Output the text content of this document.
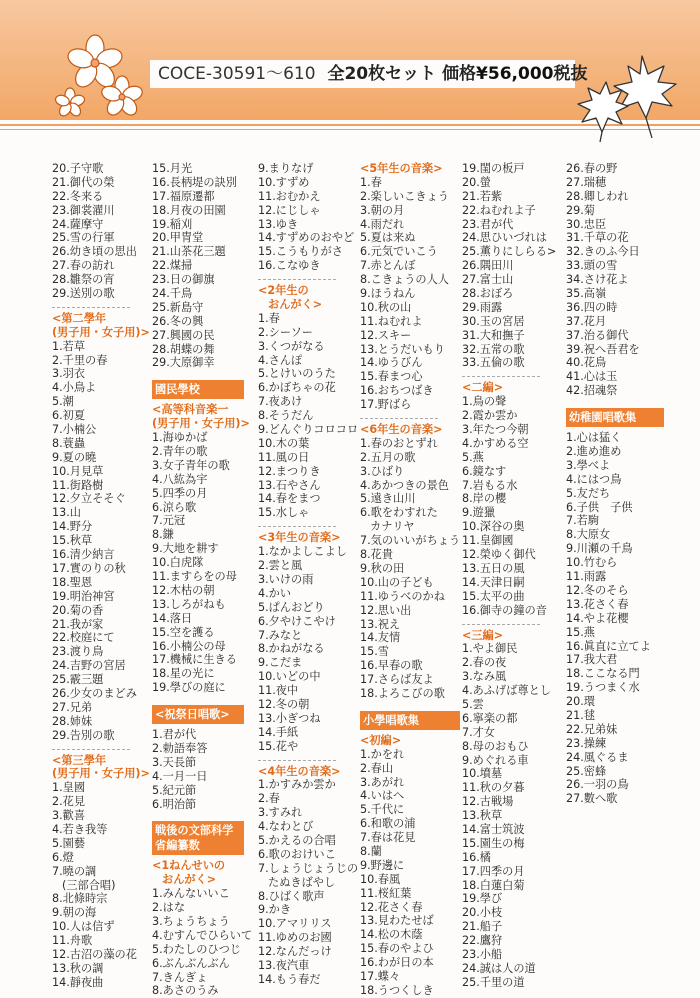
COCE-30591～610 全20枚セット 価格¥56,000税抜
20.子守歌
21.御代の榮
22.冬来る
23.御裳濯川
24.薩摩守
25.雪の行軍
26.幼き頃の思出
27.春の訪れ
28.雛祭の宵
29.送別の歌
<第二學年
(男子用・女子用)>
1.若草
2.千里の春
3.羽衣
4.小鳥よ
5.潮
6.初夏
7.小楠公
8.蓑蟲
9.夏の曉
10.月見草
11.街路樹
12.夕立そそぐ
13.山
14.野分
15.秋草
16.清少納言
17.實のりの秋
18.聖恩
19.明治神宮
20.菊の香
21.我が家
22.校庭にて
23.渡り鳥
24.吉野の宮居
25.霰三題
26.少女のまどみ
27.兄弟
28.姉妹
29.告別の歌
<第三學年
(男子用・女子用)>
1.皇國
2.花見
3.歡喜
4.若き我等
5.園藝
6.燈
7.曉の調
(三部合唱)
8.北條時宗
9.朝の海
10.人は信ず
11.舟歌
12.古沼の藻の花
13.秋の調
14.靜夜曲
15.月光
16.長柄堤の訣別
17.福原遷都
18.月夜の田園
19.稲刈
20.甲冑堂
21.山茶花三題
22.煤掃
23.日の御旗
24.千鳥
25.新島守
26.冬の興
27.興國の民
28.胡蝶の舞
29.大原御幸
國民學校
<高等科音楽一
(男子用・女子用)>
1.海ゆかば
2.青年の歌
3.女子青年の歌
4.八紘為宇
5.四季の月
6.涼ら歌
7.元冠
8.鎌
9.大地を耕す
10.白虎隊
11.ますらをの母
12.木枯の朝
13.しろがねも
14.落日
15.空を護る
16.小楠公の母
17.機械に生きる
18.星の光に
19.學びの庭に
<祝祭日唱歌>
1.君が代
2.勅語奉答
3.天長節
4.一月一日
5.紀元節
6.明治節
戦後の文部科学省編纂数
<1ねんせいの
おんがく>
1.みんないいこ
2.はな
3.ちょうちょう
4.むすんでひらいて
5.わたしのひつじ
6.ぶんぶんぶん
7.きんぎょ
8.あさのうみ
9.まりなげ
10.すずめ
11.おむかえ
12.にじしゃ
13.ゆき
14.すずめのおやど
15.こうもりがさ
16.こなゆき
<2年生の
おんがく>
1.春
2.シーソー
3.くつがなる
4.さんぽ
5.とけいのうた
6.かぼちゃの花
7.夜あけ
8.そうだん
9.どんぐりコロコロ
10.木の葉
11.風の日
12.まつりき
13.石やさん
14.春をまつ
15.水しゃ
<3年生の音楽>
1.なかよしこよし
2.雲と風
3.いけの雨
4.かい
5.ぱんおどり
6.夕やけこやけ
7.みなと
8.かねがなる
9.こだま
10.いどの中
11.夜中
12.冬の朝
13.小ぎつね
14.手紙
15.花や
<4年生の音楽>
1.かすみか雲か
2.春
3.すみれ
4.なわとび
5.かえるの合唱
6.歌のおけいこ
7.しょうじょうじの
たぬきばやし
8.ひばく歌声
9.かき
10.アマリリス
11.ゆめのお國
12.なんだっけ
13.夜汽車
14.もう春だ
<5年生の音楽>
1.春
2.楽しいこきょう
3.朝の月
4.雨だれ
5.夏は来ぬ
6.元気でいこう
7.赤とんぼ
8.こきょうの人人
9.ほうねん
10.秋の山
11.ねむれよ
12.スキー
13.とうだいもり
14.ゆうびん
15.春まつ心
16.おちつばき
17.野ばら
<6年生の音楽>
1.春のおとずれ
2.五月の歌
3.ひばり
4.あかつきの景色
5.遠き山川
6.歌をわすれた
カナリヤ
7.気のいいがちょう
8.花貴
9.秋の田
10.山の子ども
11.ゆうべのかね
12.思い出
13.祝え
14.友情
15.雪
16.早春の歌
17.さらば友よ
18.よろこびの歌
小學唱歌集
<初編>
1.かをれ
2.春山
3.あがれ
4.いはへ
5.千代に
6.和歌の浦
7.春は花見
8.蘭
9.野邊に
10.春風
11.桜紅葉
12.花さく春
13.見わたせば
14.松の木蔭
15.春のやよひ
16.わが日の本
17.蝶々
18.うつくしき
19.閨の板戸
20.螢
21.若紫
22.ねむれよ子
23.君が代
24.思ひいづれは
25.薫りにしらる>
26.隅田川
27.富士山
28.おぼろ
29.雨露
30.玉の宮居
31.大和撫子
32.五常の歌
33.五倫の歌
<二編>
1.鳥の聲
2.霞か雲か
3.年たつ今朝
4.かすめる空
5.燕
6.鏡なす
7.岩もる水
8.岸の櫻
9.遊獵
10.深谷の奥
11.皇御國
12.榮ゆく御代
13.五日の風
14.天津日嗣
15.太平の曲
16.御寺の鐘の音
<三編>
1.やよ御民
2.春の夜
3.なみ風
4.あふげば尊とし
5.雲
6.寧楽の都
7.才女
8.母のおもひ
9.めぐれる車
10.墳墓
11.秋の夕暮
12.古戦場
13.秋草
14.富士筑波
15.園生の梅
16.橘
17.四季の月
18.白蓮白菊
19.學び
20.小枝
21.船子
22.鷹狩
23.小船
24.誠は人の道
25.千里の道
26.春の野
27.瑞穂
28.卿しわれ
29.菊
30.忠臣
31.千草の花
32.きのふ今日
33.頭の雪
34.さけ花よ
35.高嶺
36.四の時
37.花月
37.治る御代
39.祝へ吾君を
40.花鳥
41.心は玉
42.招魂祭
幼稚園唱歌集
1.心は猛く
2.進め進め
3.學べよ
4.にはつ鳥
5.友だち
6.子供　子供
7.若駒
8.大原女
9.川瀬の千鳥
10.竹むら
11.雨露
12.冬のそら
13.花さく春
14.やよ花櫻
15.燕
16.眞直に立てよ
17.我大君
18.ここなる門
19.うつまく水
20.環
21.毬
22.兄弟妹
23.操練
24.風ぐるま
25.密蜂
26.一羽の鳥
27.數へ歌
